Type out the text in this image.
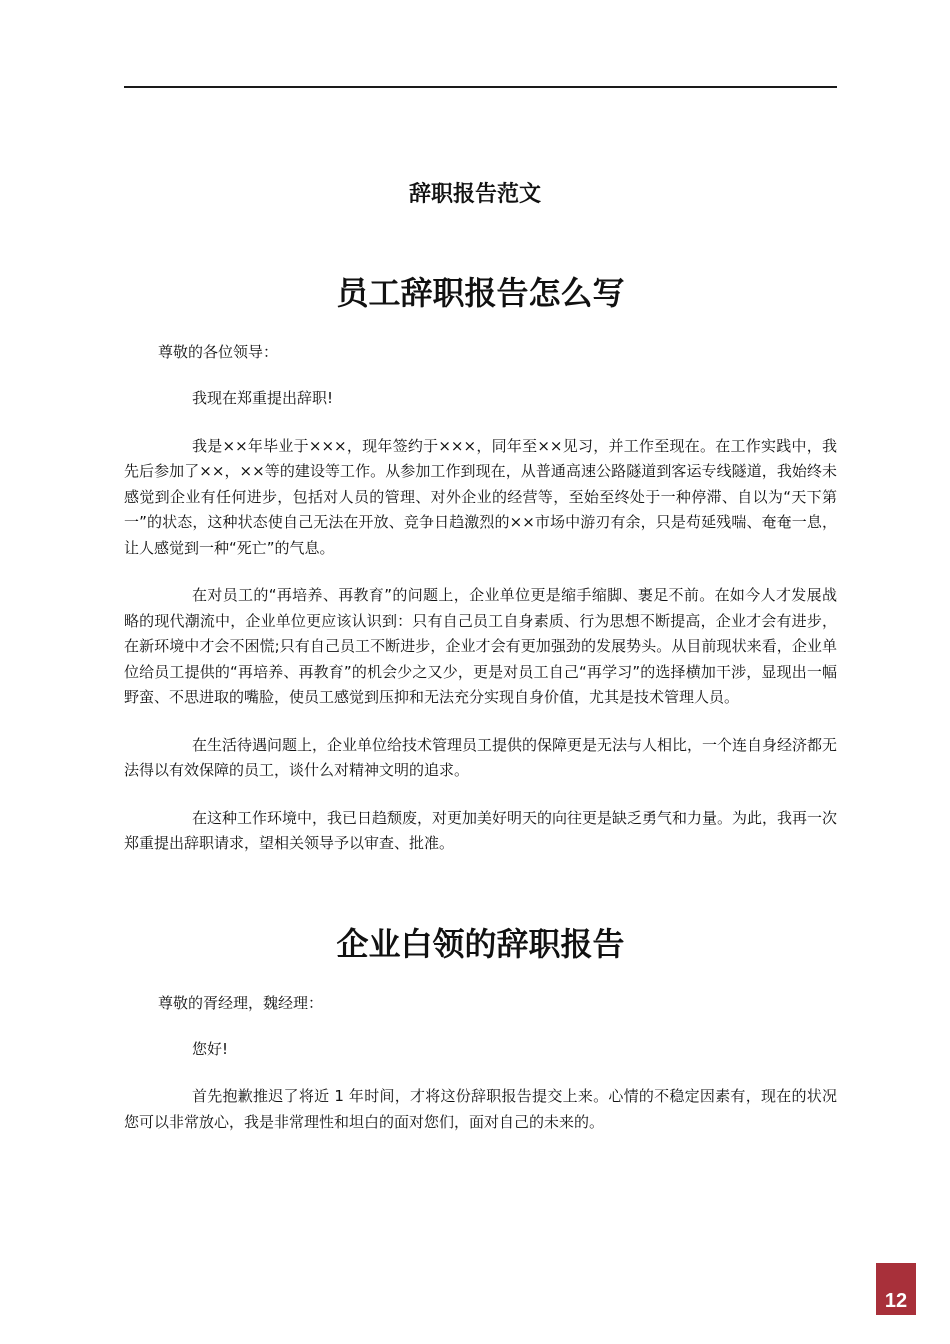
辞职报告范文
员工辞职报告怎么写

尊敬的各位领导：

我现在郑重提出辞职!

我是××年毕业于×××，现年签约于×××，同年至××见习，并工作至现在。在工作实践中，我先后参加了××，××等的建设等工作。从参加工作到现在，从普通高速公路隧道到客运专线隧道，我始终未感觉到企业有任何进步，包括对人员的管理、对外企业的经营等，至始至终处于一种停滞、自以为“天下第一”的状态，这种状态使自己无法在开放、竞争日趋激烈的××市场中游刃有余，只是苟延残喘、奄奄一息，让人感觉到一种“死亡”的气息。

在对员工的“再培养、再教育”的问题上，企业单位更是缩手缩脚、裹足不前。在如今人才发展战略的现代潮流中，企业单位更应该认识到：只有自己员工自身素质、行为思想不断提高，企业才会有进步，在新环境中才会不困慌;只有自己员工不断进步，企业才会有更加强劲的发展势头。从目前现状来看，企业单位给员工提供的“再培养、再教育”的机会少之又少，更是对员工自己“再学习”的选择横加干涉，显现出一幅野蛮、不思进取的嘴脸，使员工感觉到压抑和无法充分实现自身价值，尤其是技术管理人员。

在生活待遇问题上，企业单位给技术管理员工提供的保障更是无法与人相比，一个连自身经济都无法得以有效保障的员工，谈什么对精神文明的追求。

在这种工作环境中，我已日趋颓废，对更加美好明天的向往更是缺乏勇气和力量。为此，我再一次郑重提出辞职请求，望相关领导予以审查、批准。

企业白领的辞职报告

尊敬的胥经理，魏经理：

您好!

首先抱歉推迟了将近 1 年时间，才将这份辞职报告提交上来。心情的不稳定因素有，现在的状况您可以非常放心，我是非常理性和坦白的面对您们，面对自己的未来的。

12
